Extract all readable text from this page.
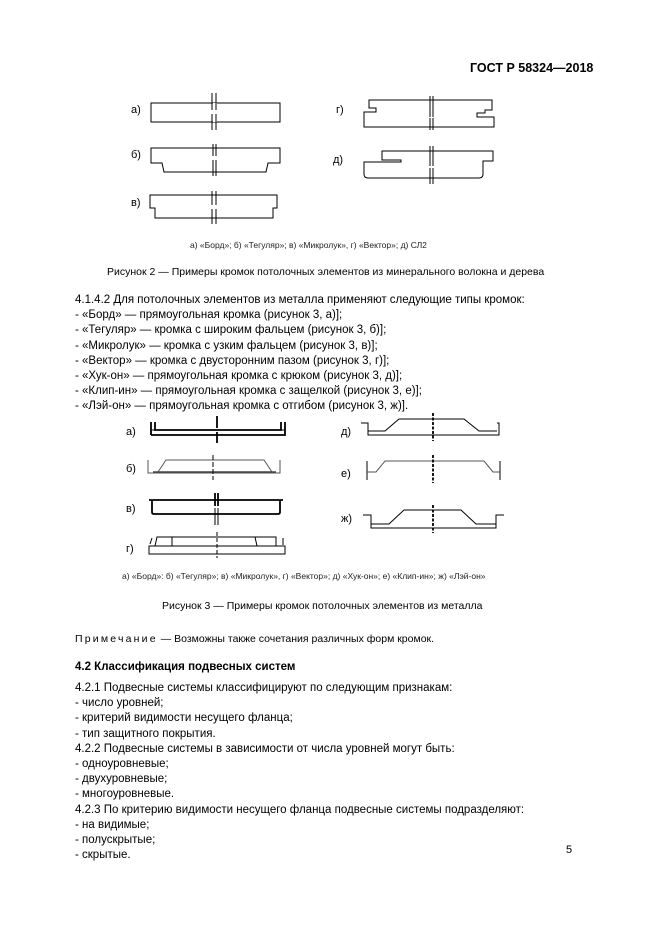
ГОСТ Р 58324—2018
а)
б)
в)
г)
д)
а) «Борд»; б) «Тегуляр»; в) «Микролук», г) «Вектор»; д) СЛ2
Рисунок 2 — Примеры кромок потолочных элементов из минерального волокна и дерева
4.1.4.2 Для потолочных элементов из металла применяют следующие типы кромок:
- «Борд» — прямоугольная кромка (рисунок 3, а)];
- «Тегуляр» — кромка с широким фальцем (рисунок 3, б)];
- «Микролук» — кромка с узким фальцем (рисунок 3, в)];
- «Вектор» — кромка с двусторонним пазом (рисунок 3, г)];
- «Хук-он» — прямоугольная кромка с крюком (рисунок 3, д)];
- «Клип-ин» — прямоугольная кромка с защелкой (рисунок 3, е)];
- «Лэй-он» — прямоугольная кромка с отгибом (рисунок 3, ж)].
а)
б)
в)
г)
д)
е)
ж)
а) «Борд»: б) «Тегуляр»; в) «Микролук», г) «Вектор»; д) «Хук-он»; е) «Клип-ин»; ж) «Лэй-он»
Рисунок 3 — Примеры кромок потолочных элементов из металла
Примечание — Возможны также сочетания различных форм кромок.
4.2 Классификация подвесных систем
4.2.1 Подвесные системы классифицируют по следующим признакам:
- число уровней;
- критерий видимости несущего фланца;
- тип защитного покрытия.
4.2.2 Подвесные системы в зависимости от числа уровней могут быть:
- одноуровневые;
- двухуровневые;
- многоуровневые.
4.2.3 По критерию видимости несущего фланца подвесные системы подразделяют:
- на видимые;
- полускрытые;
- скрытые.	5
